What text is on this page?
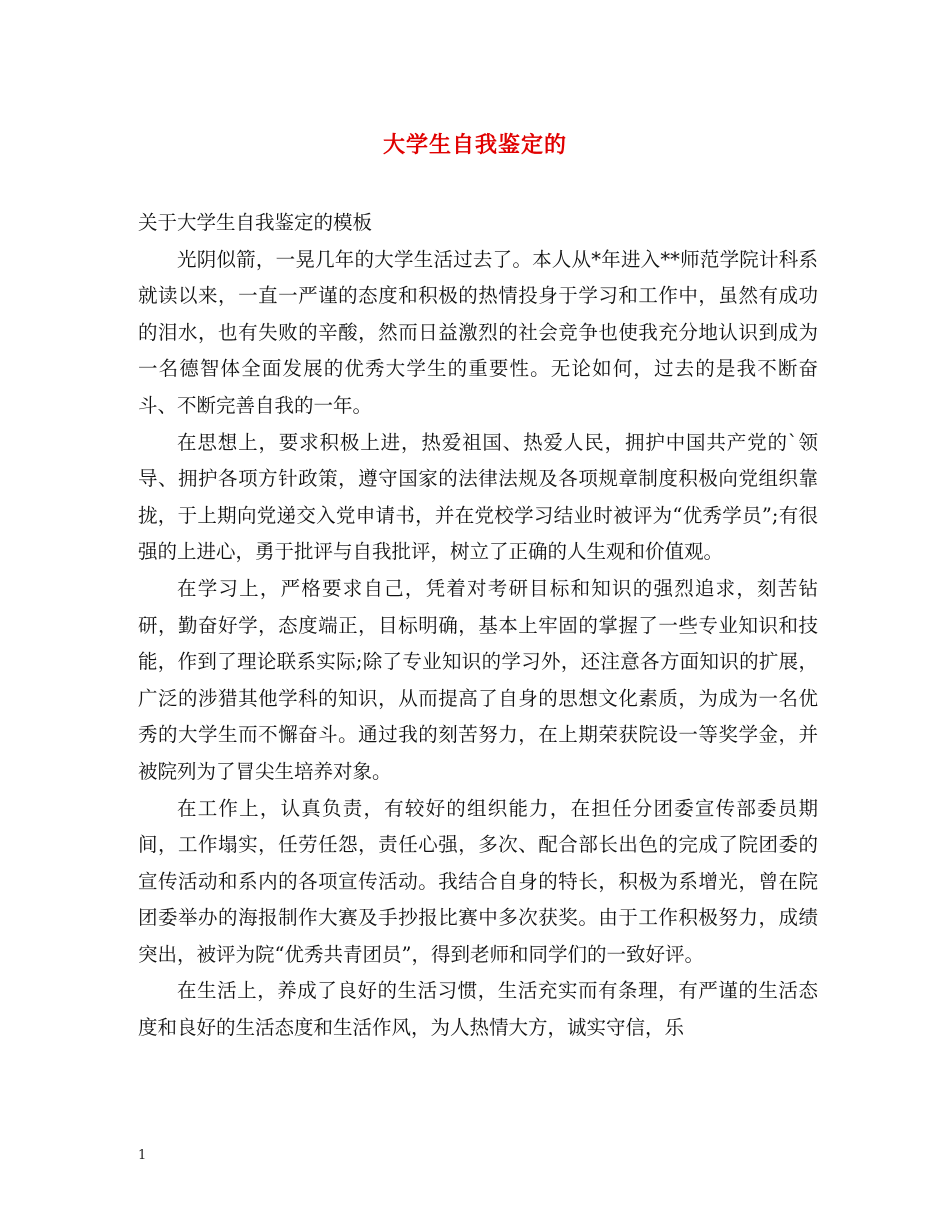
大学生自我鉴定的

关于大学生自我鉴定的模板

光阴似箭，一晃几年的大学生活过去了。本人从*年进入**师范学院计科系就读以来，一直一严谨的态度和积极的热情投身于学习和工作中，虽然有成功的泪水，也有失败的辛酸，然而日益激烈的社会竞争也使我充分地认识到成为一名德智体全面发展的优秀大学生的重要性。无论如何，过去的是我不断奋斗、不断完善自我的一年。

在思想上，要求积极上进，热爱祖国、热爱人民，拥护中国共产党的`领导、拥护各项方针政策，遵守国家的法律法规及各项规章制度积极向党组织靠拢，于上期向党递交入党申请书，并在党校学习结业时被评为“优秀学员”;有很强的上进心，勇于批评与自我批评，树立了正确的人生观和价值观。

在学习上，严格要求自己，凭着对考研目标和知识的强烈追求，刻苦钻研，勤奋好学，态度端正，目标明确，基本上牢固的掌握了一些专业知识和技能，作到了理论联系实际;除了专业知识的学习外，还注意各方面知识的扩展，广泛的涉猎其他学科的知识，从而提高了自身的思想文化素质，为成为一名优秀的大学生而不懈奋斗。通过我的刻苦努力，在上期荣获院设一等奖学金，并被院列为了冒尖生培养对象。

在工作上，认真负责，有较好的组织能力，在担任分团委宣传部委员期间，工作塌实，任劳任怨，责任心强，多次、配合部长出色的完成了院团委的宣传活动和系内的各项宣传活动。我结合自身的特长，积极为系增光，曾在院团委举办的海报制作大赛及手抄报比赛中多次获奖。由于工作积极努力，成绩突出，被评为院“优秀共青团员”，得到老师和同学们的一致好评。

在生活上，养成了良好的生活习惯，生活充实而有条理，有严谨的生活态度和良好的生活态度和生活作风，为人热情大方，诚实守信，乐

1
